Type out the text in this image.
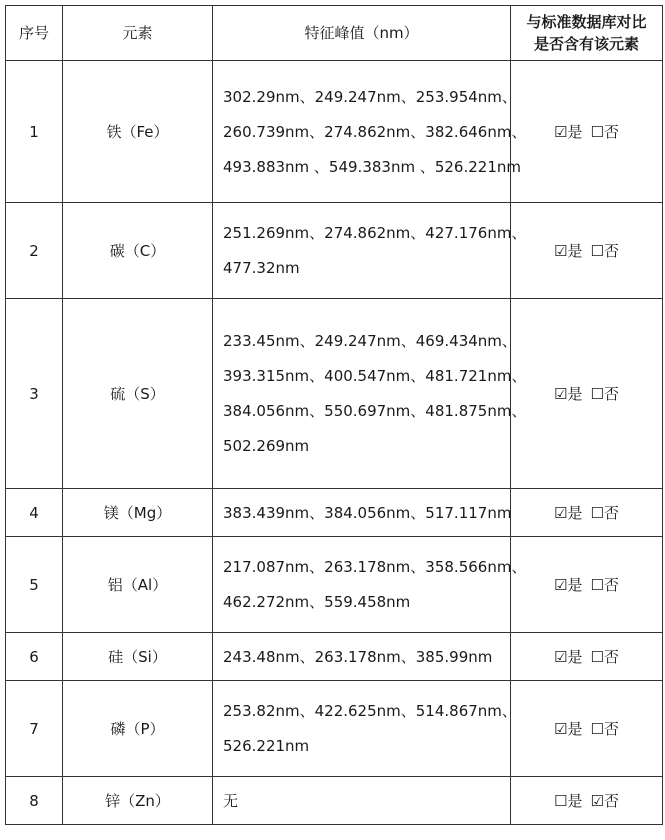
序号	元素	特征峰值（nm）	与标准数据库对比
是否含有该元素

1	铁（Fe）	302.29nm、249.247nm、253.954nm、
260.739nm、274.862nm、382.646nm、
493.883nm 、549.383nm 、526.221nm	☑是 ☐否
2	碳（C）	251.269nm、274.862nm、427.176nm、
477.32nm	☑是 ☐否
3	硫（S）	233.45nm、249.247nm、469.434nm、
393.315nm、400.547nm、481.721nm、
384.056nm、550.697nm、481.875nm、
502.269nm	☑是 ☐否
4	镁（Mg）	383.439nm、384.056nm、517.117nm	☑是 ☐否
5	铝（Al）	217.087nm、263.178nm、358.566nm、
462.272nm、559.458nm	☑是 ☐否
6	硅（Si）	243.48nm、263.178nm、385.99nm	☑是 ☐否
7	磷（P）	253.82nm、422.625nm、514.867nm、
526.221nm	☑是 ☐否
8	锌（Zn）	无	☐是 ☑否
